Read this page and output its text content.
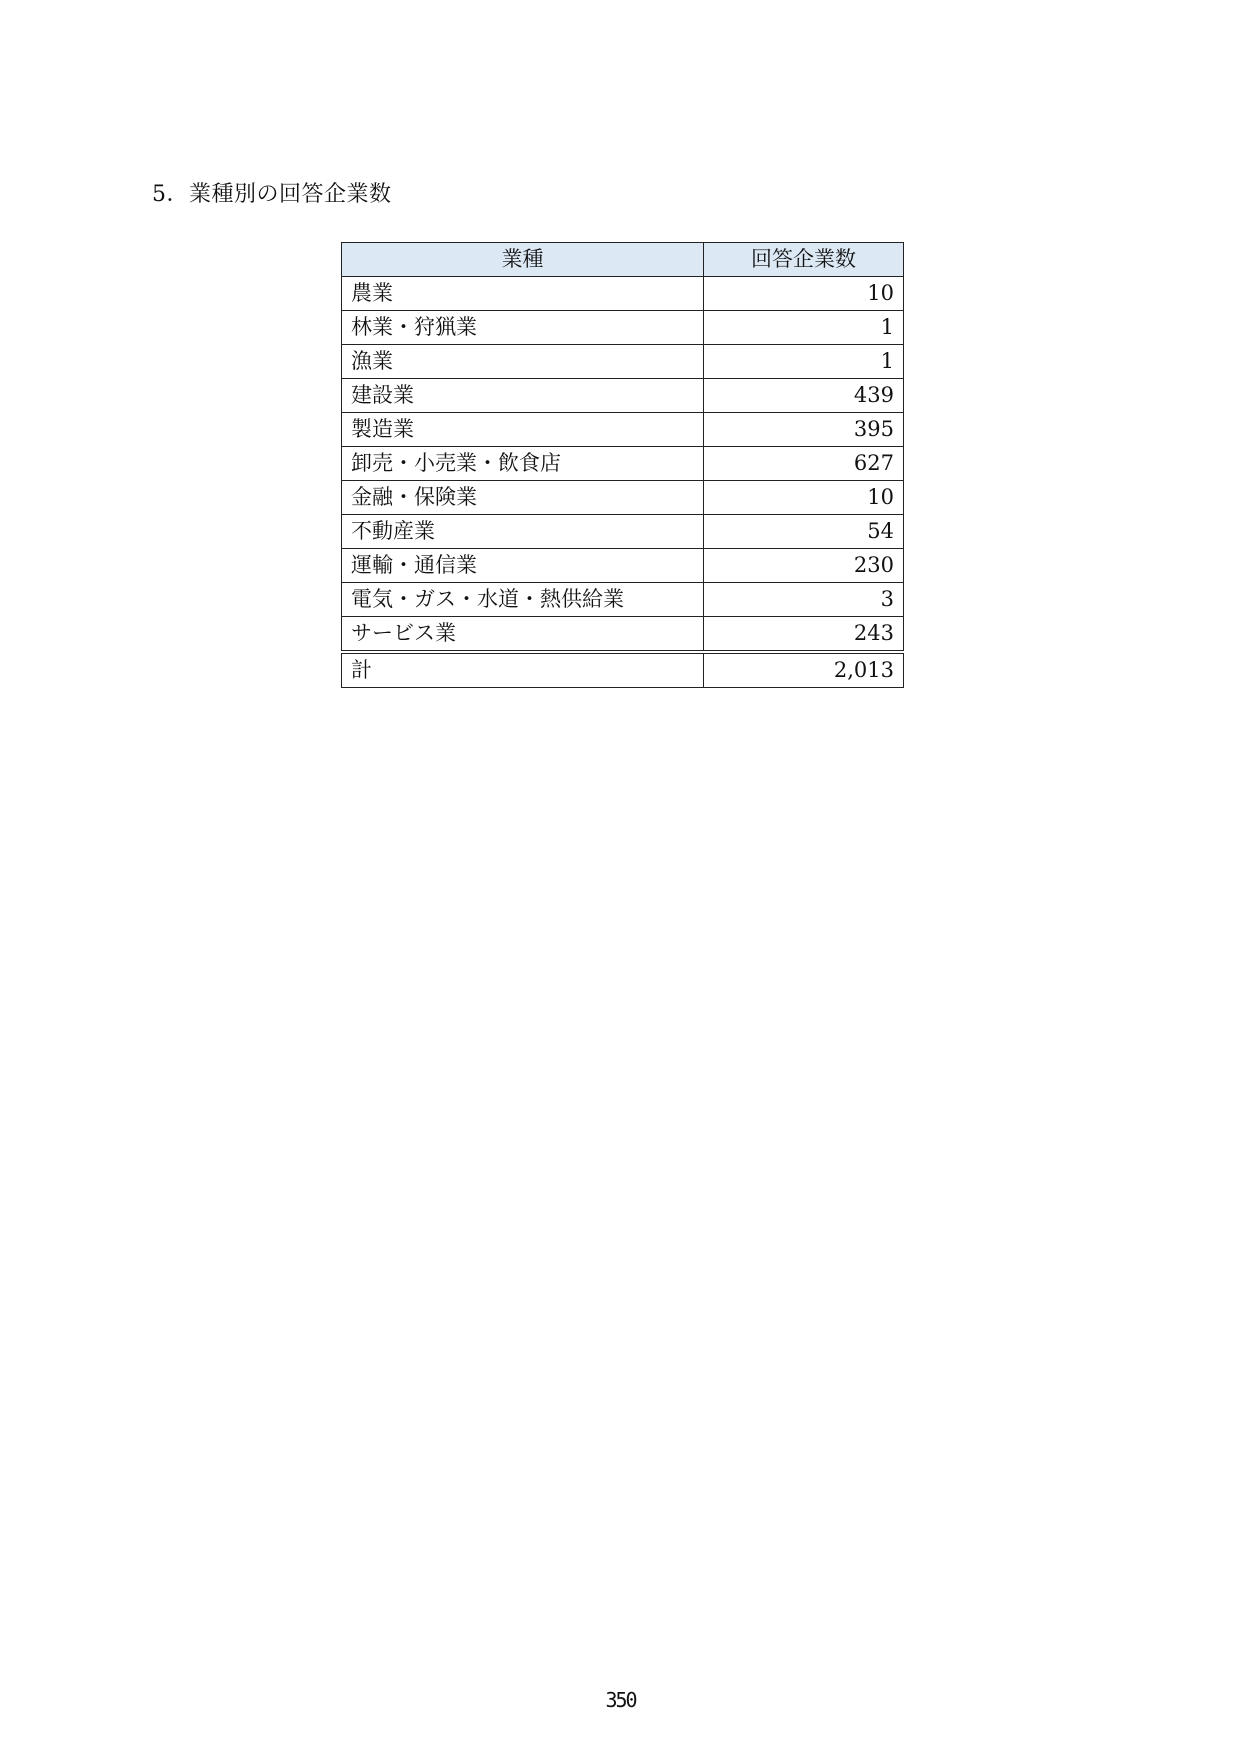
5．業種別の回答企業数
業種	回答企業数
農業	10
林業・狩猟業	1
漁業	1
建設業	439
製造業	395
卸売・小売業・飲食店	627
金融・保険業	10
不動産業	54
運輸・通信業	230
電気・ガス・水道・熱供給業	3
サービス業	243
計	2,013
350
